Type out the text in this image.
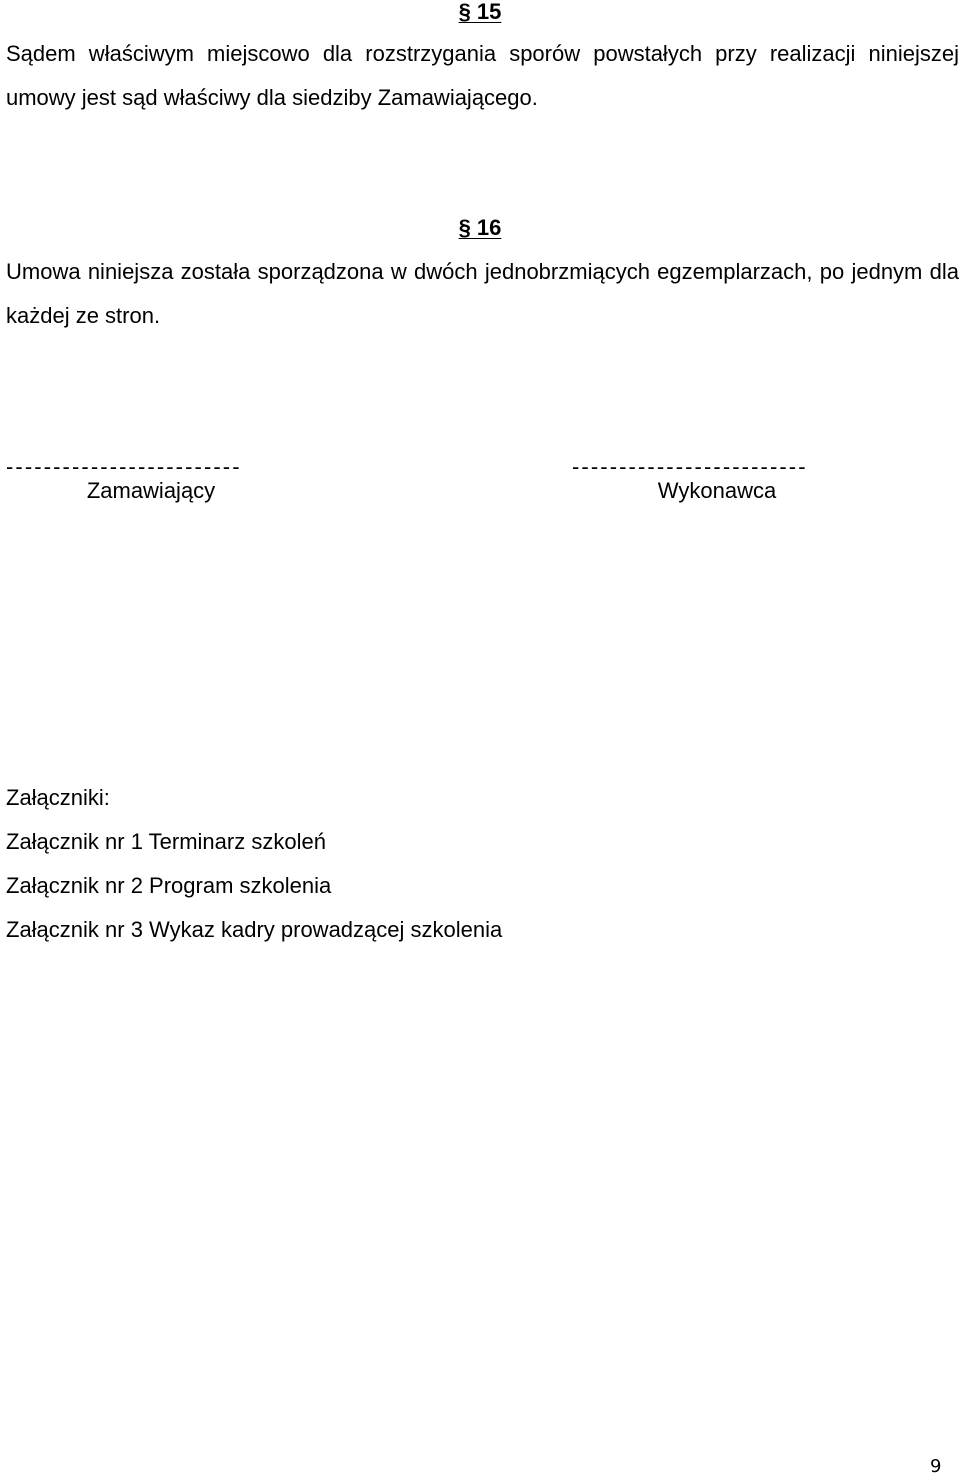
§ 15
Sądem właściwym miejscowo dla rozstrzygania sporów powstałych przy realizacji niniejszej umowy jest sąd właściwy dla siedziby Zamawiającego.
§ 16
Umowa niniejsza została sporządzona w dwóch jednobrzmiących egzemplarzach, po jednym dla każdej ze stron.
-------------------------
Zamawiający
-------------------------
Wykonawca
Załączniki:
Załącznik nr 1 Terminarz szkoleń
Załącznik nr 2 Program szkolenia
Załącznik nr 3 Wykaz kadry prowadzącej szkolenia
9
